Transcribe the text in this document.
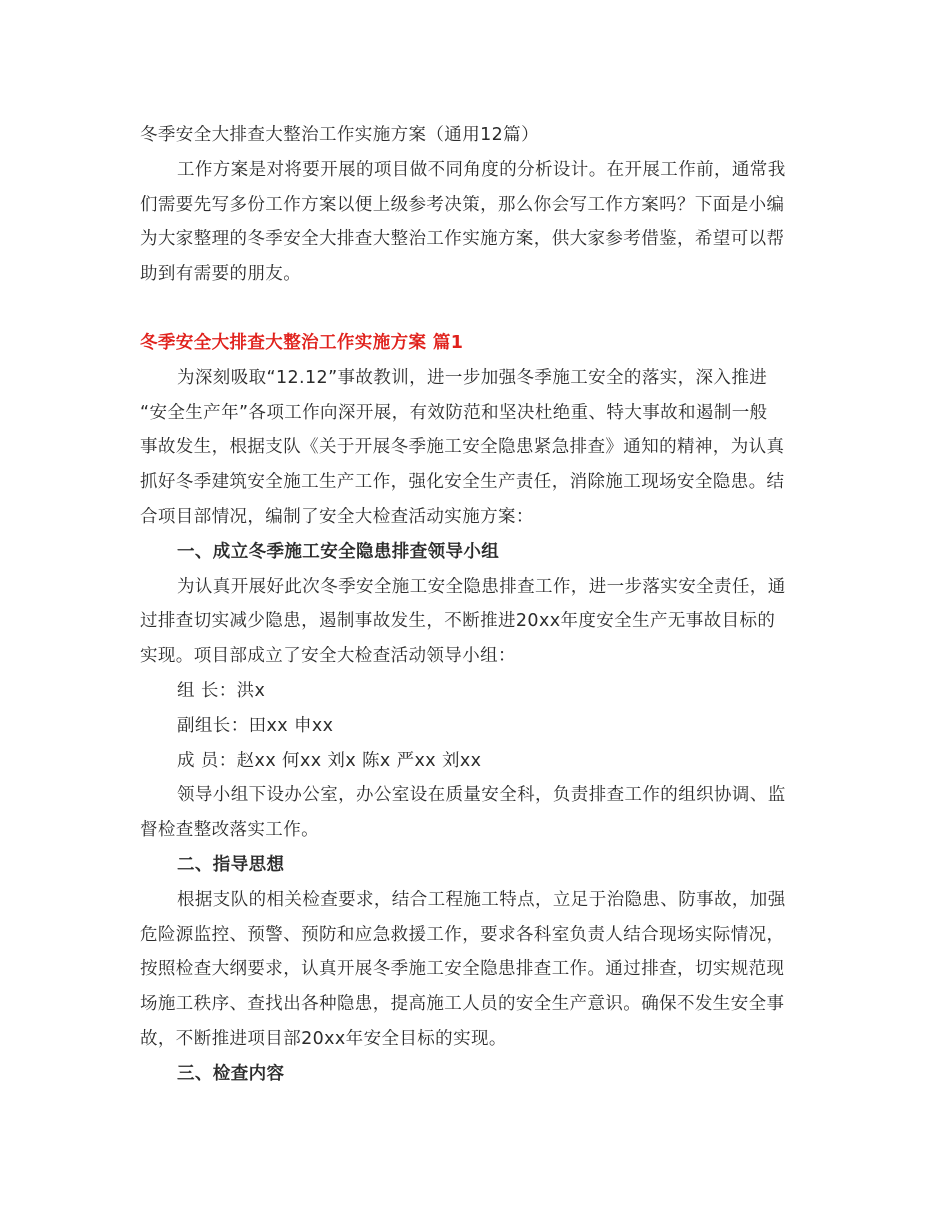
冬季安全大排查大整治工作实施方案（通用12篇）
工作方案是对将要开展的项目做不同角度的分析设计。在开展工作前，通常我
们需要先写多份工作方案以便上级参考决策，那么你会写工作方案吗？下面是小编
为大家整理的冬季安全大排查大整治工作实施方案，供大家参考借鉴，希望可以帮
助到有需要的朋友。
冬季安全大排查大整治工作实施方案 篇1
为深刻吸取“12.12”事故教训，进一步加强冬季施工安全的落实，深入推进
“安全生产年”各项工作向深开展，有效防范和坚决杜绝重、特大事故和遏制一般
事故发生，根据支队《关于开展冬季施工安全隐患紧急排查》通知的精神，为认真
抓好冬季建筑安全施工生产工作，强化安全生产责任，消除施工现场安全隐患。结
合项目部情况，编制了安全大检查活动实施方案：
一、成立冬季施工安全隐患排查领导小组
为认真开展好此次冬季安全施工安全隐患排查工作，进一步落实安全责任，通
过排查切实减少隐患，遏制事故发生，不断推进20xx年度安全生产无事故目标的
实现。项目部成立了安全大检查活动领导小组：
组 长：洪x
副组长：田xx 申xx
成 员：赵xx 何xx 刘x 陈x 严xx 刘xx
领导小组下设办公室，办公室设在质量安全科，负责排查工作的组织协调、监
督检查整改落实工作。
二、指导思想
根据支队的相关检查要求，结合工程施工特点，立足于治隐患、防事故，加强
危险源监控、预警、预防和应急救援工作，要求各科室负责人结合现场实际情况，
按照检查大纲要求，认真开展冬季施工安全隐患排查工作。通过排查，切实规范现
场施工秩序、查找出各种隐患，提高施工人员的安全生产意识。确保不发生安全事
故，不断推进项目部20xx年安全目标的实现。
三、检查内容
